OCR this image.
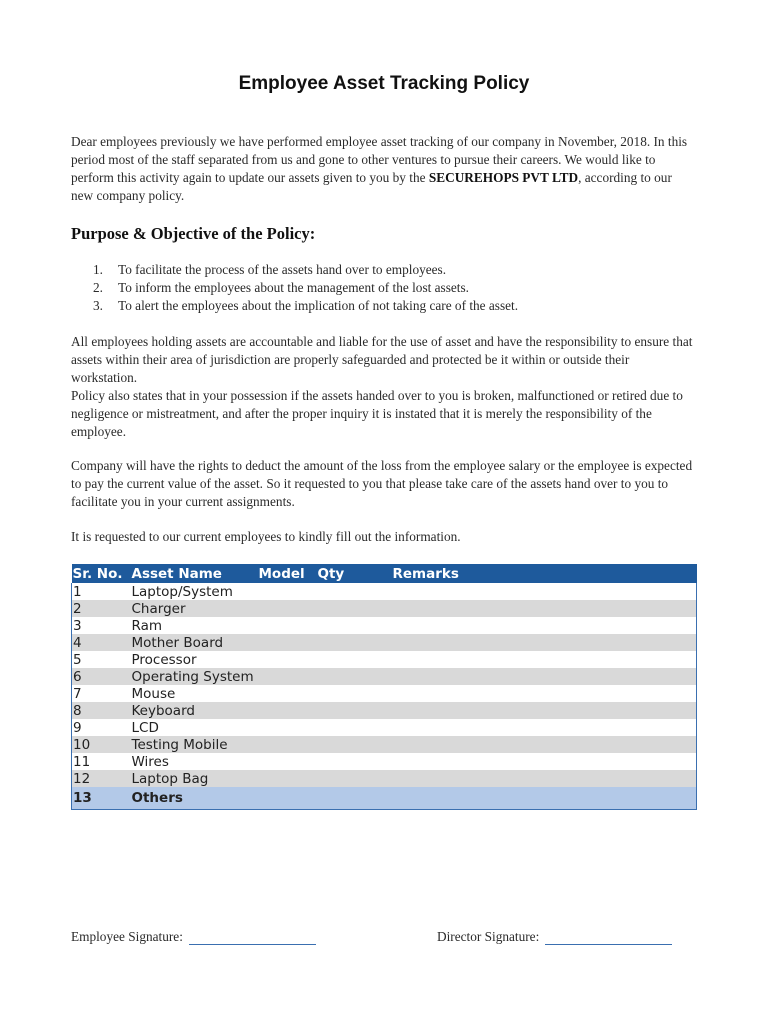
Employee Asset Tracking Policy
Dear employees previously we have performed employee asset tracking of our company in November, 2018. In this period most of the staff separated from us and gone to other ventures to pursue their careers. We would like to perform this activity again to update our assets given to you by the SECUREHOPS PVT LTD, according to our new company policy.
Purpose & Objective of the Policy:
1. To facilitate the process of the assets hand over to employees.
2. To inform the employees about the management of the lost assets.
3. To alert the employees about the implication of not taking care of the asset.
All employees holding assets are accountable and liable for the use of asset and have the responsibility to ensure that assets within their area of jurisdiction are properly safeguarded and protected be it within or outside their workstation.
Policy also states that in your possession if the assets handed over to you is broken, malfunctioned or retired due to negligence or mistreatment, and after the proper inquiry it is instated that it is merely the responsibility of the employee.
Company will have the rights to deduct the amount of the loss from the employee salary or the employee is expected to pay the current value of the asset. So it requested to you that please take care of the assets hand over to you to facilitate you in your current assignments.
It is requested to our current employees to kindly fill out the information.
Sr. No.	Asset Name	Model	Qty	Remarks
1	Laptop/System			
2	Charger			
3	Ram			
4	Mother Board			
5	Processor			
6	Operating System			
7	Mouse			
8	Keyboard			
9	LCD			
10	Testing Mobile			
11	Wires			
12	Laptop Bag			
13	Others			
Employee Signature:	Director Signature:
